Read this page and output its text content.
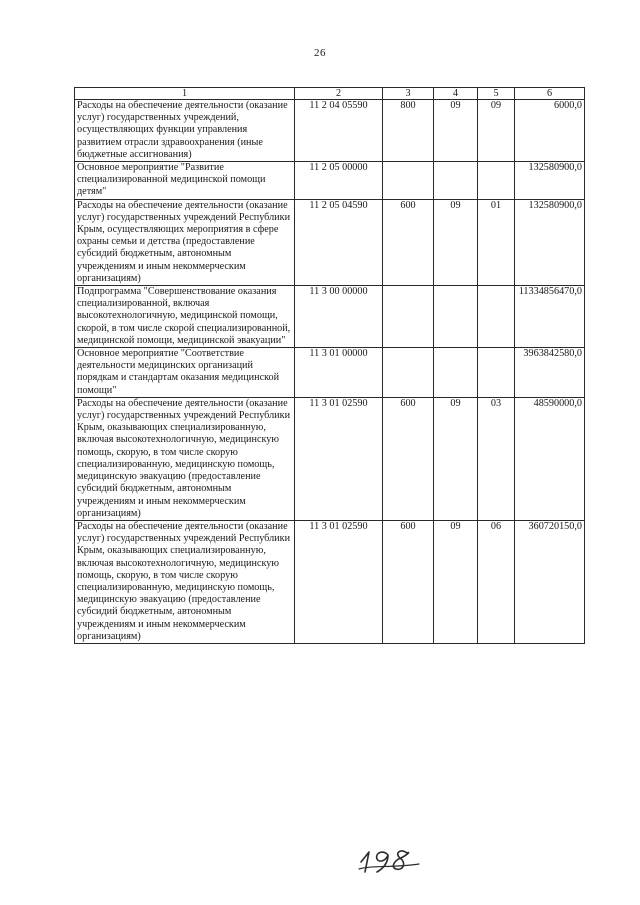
26
1	2	3	4	5	6
Расходы на обеспечение деятельности (оказание услуг) государственных учреждений, осуществляющих функции управления развитием отрасли здравоохранения (иные бюджетные ассигнования)	11 2 04 05590	800	09	09	6000,0
Основное мероприятие "Развитие специализированной медицинской помощи детям"	11 2 05 00000				132580900,0
Расходы на обеспечение деятельности (оказание услуг) государственных учреждений Республики Крым, осуществляющих мероприятия в сфере охраны семьи и детства (предоставление субсидий бюджетным, автономным учреждениям и иным некоммерческим организациям)	11 2 05 04590	600	09	01	132580900,0
Подпрограмма "Совершенствование оказания специализированной, включая высокотехнологичную, медицинской помощи, скорой, в том числе скорой специализированной, медицинской помощи, медицинской эвакуации"	11 3 00 00000				11334856470,0
Основное мероприятие "Соответствие деятельности медицинских организаций порядкам и стандартам оказания медицинской помощи"	11 3 01 00000				3963842580,0
Расходы на обеспечение деятельности (оказание услуг) государственных учреждений Республики Крым, оказывающих специализированную, включая высокотехнологичную, медицинскую помощь, скорую, в том числе скорую специализированную, медицинскую помощь, медицинскую эвакуацию (предоставление субсидий бюджетным, автономным учреждениям и иным некоммерческим организациям)	11 3 01 02590	600	09	03	48590000,0
Расходы на обеспечение деятельности (оказание услуг) государственных учреждений Республики Крым, оказывающих специализированную, включая высокотехнологичную, медицинскую помощь, скорую, в том числе скорую специализированную, медицинскую помощь, медицинскую эвакуацию (предоставление субсидий бюджетным, автономным учреждениям и иным некоммерческим организациям)	11 3 01 02590	600	09	06	360720150,0
